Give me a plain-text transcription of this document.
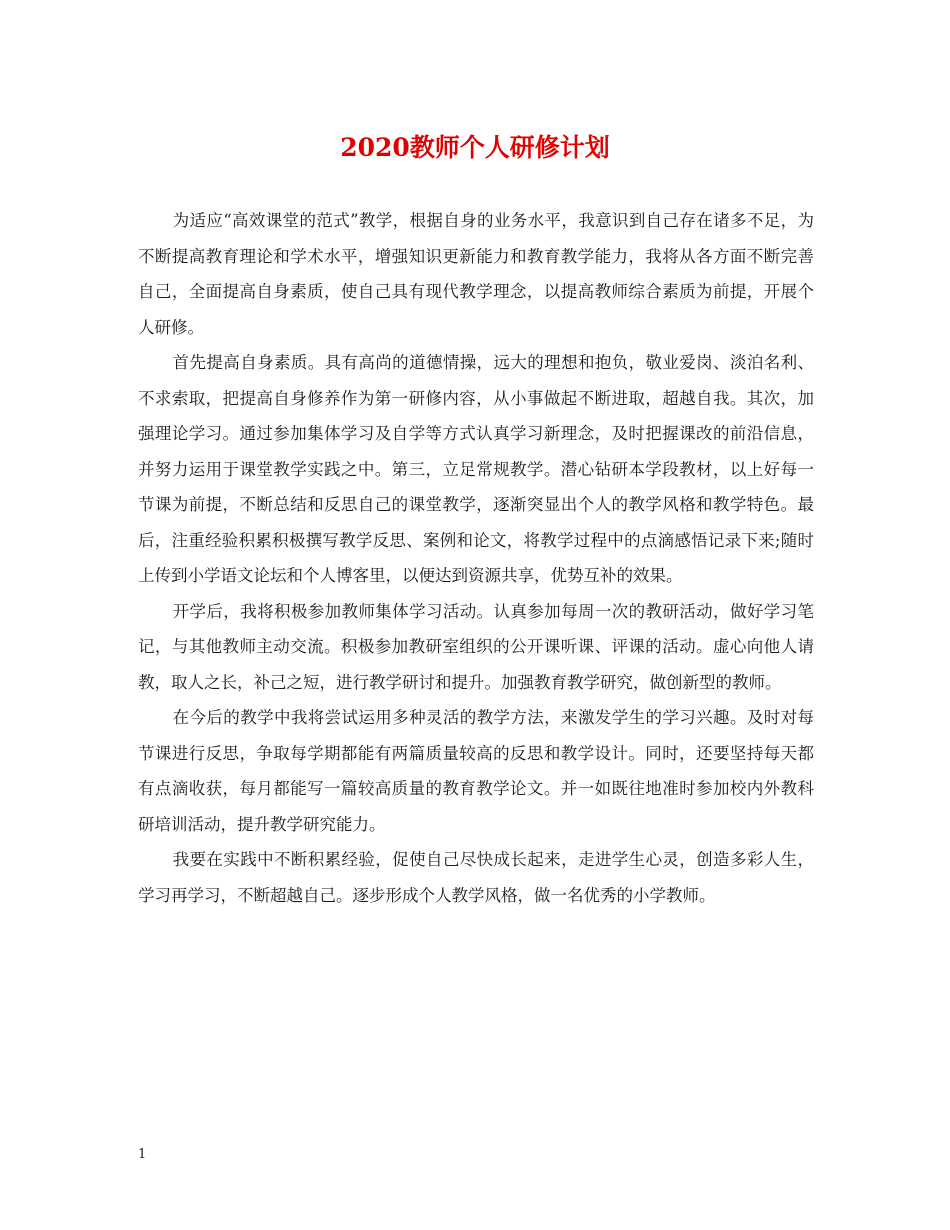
2020教师个人研修计划

为适应“高效课堂的范式”教学，根据自身的业务水平，我意识到自己存在诸多不足，为不断提高教育理论和学术水平，增强知识更新能力和教育教学能力，我将从各方面不断完善自己，全面提高自身素质，使自己具有现代教学理念，以提高教师综合素质为前提，开展个人研修。

首先提高自身素质。具有高尚的道德情操，远大的理想和抱负，敬业爱岗、淡泊名利、不求索取，把提高自身修养作为第一研修内容，从小事做起不断进取，超越自我。其次，加强理论学习。通过参加集体学习及自学等方式认真学习新理念，及时把握课改的前沿信息，并努力运用于课堂教学实践之中。第三，立足常规教学。潜心钻研本学段教材，以上好每一节课为前提，不断总结和反思自己的课堂教学，逐渐突显出个人的教学风格和教学特色。最后，注重经验积累积极撰写教学反思、案例和论文，将教学过程中的点滴感悟记录下来;随时上传到小学语文论坛和个人博客里，以便达到资源共享，优势互补的效果。

开学后，我将积极参加教师集体学习活动。认真参加每周一次的教研活动，做好学习笔记，与其他教师主动交流。积极参加教研室组织的公开课听课、评课的活动。虚心向他人请教，取人之长，补己之短，进行教学研讨和提升。加强教育教学研究，做创新型的教师。

在今后的教学中我将尝试运用多种灵活的教学方法，来激发学生的学习兴趣。及时对每节课进行反思，争取每学期都能有两篇质量较高的反思和教学设计。同时，还要坚持每天都有点滴收获，每月都能写一篇较高质量的教育教学论文。并一如既往地准时参加校内外教科研培训活动，提升教学研究能力。

我要在实践中不断积累经验，促使自己尽快成长起来，走进学生心灵，创造多彩人生，学习再学习，不断超越自己。逐步形成个人教学风格，做一名优秀的小学教师。

1
